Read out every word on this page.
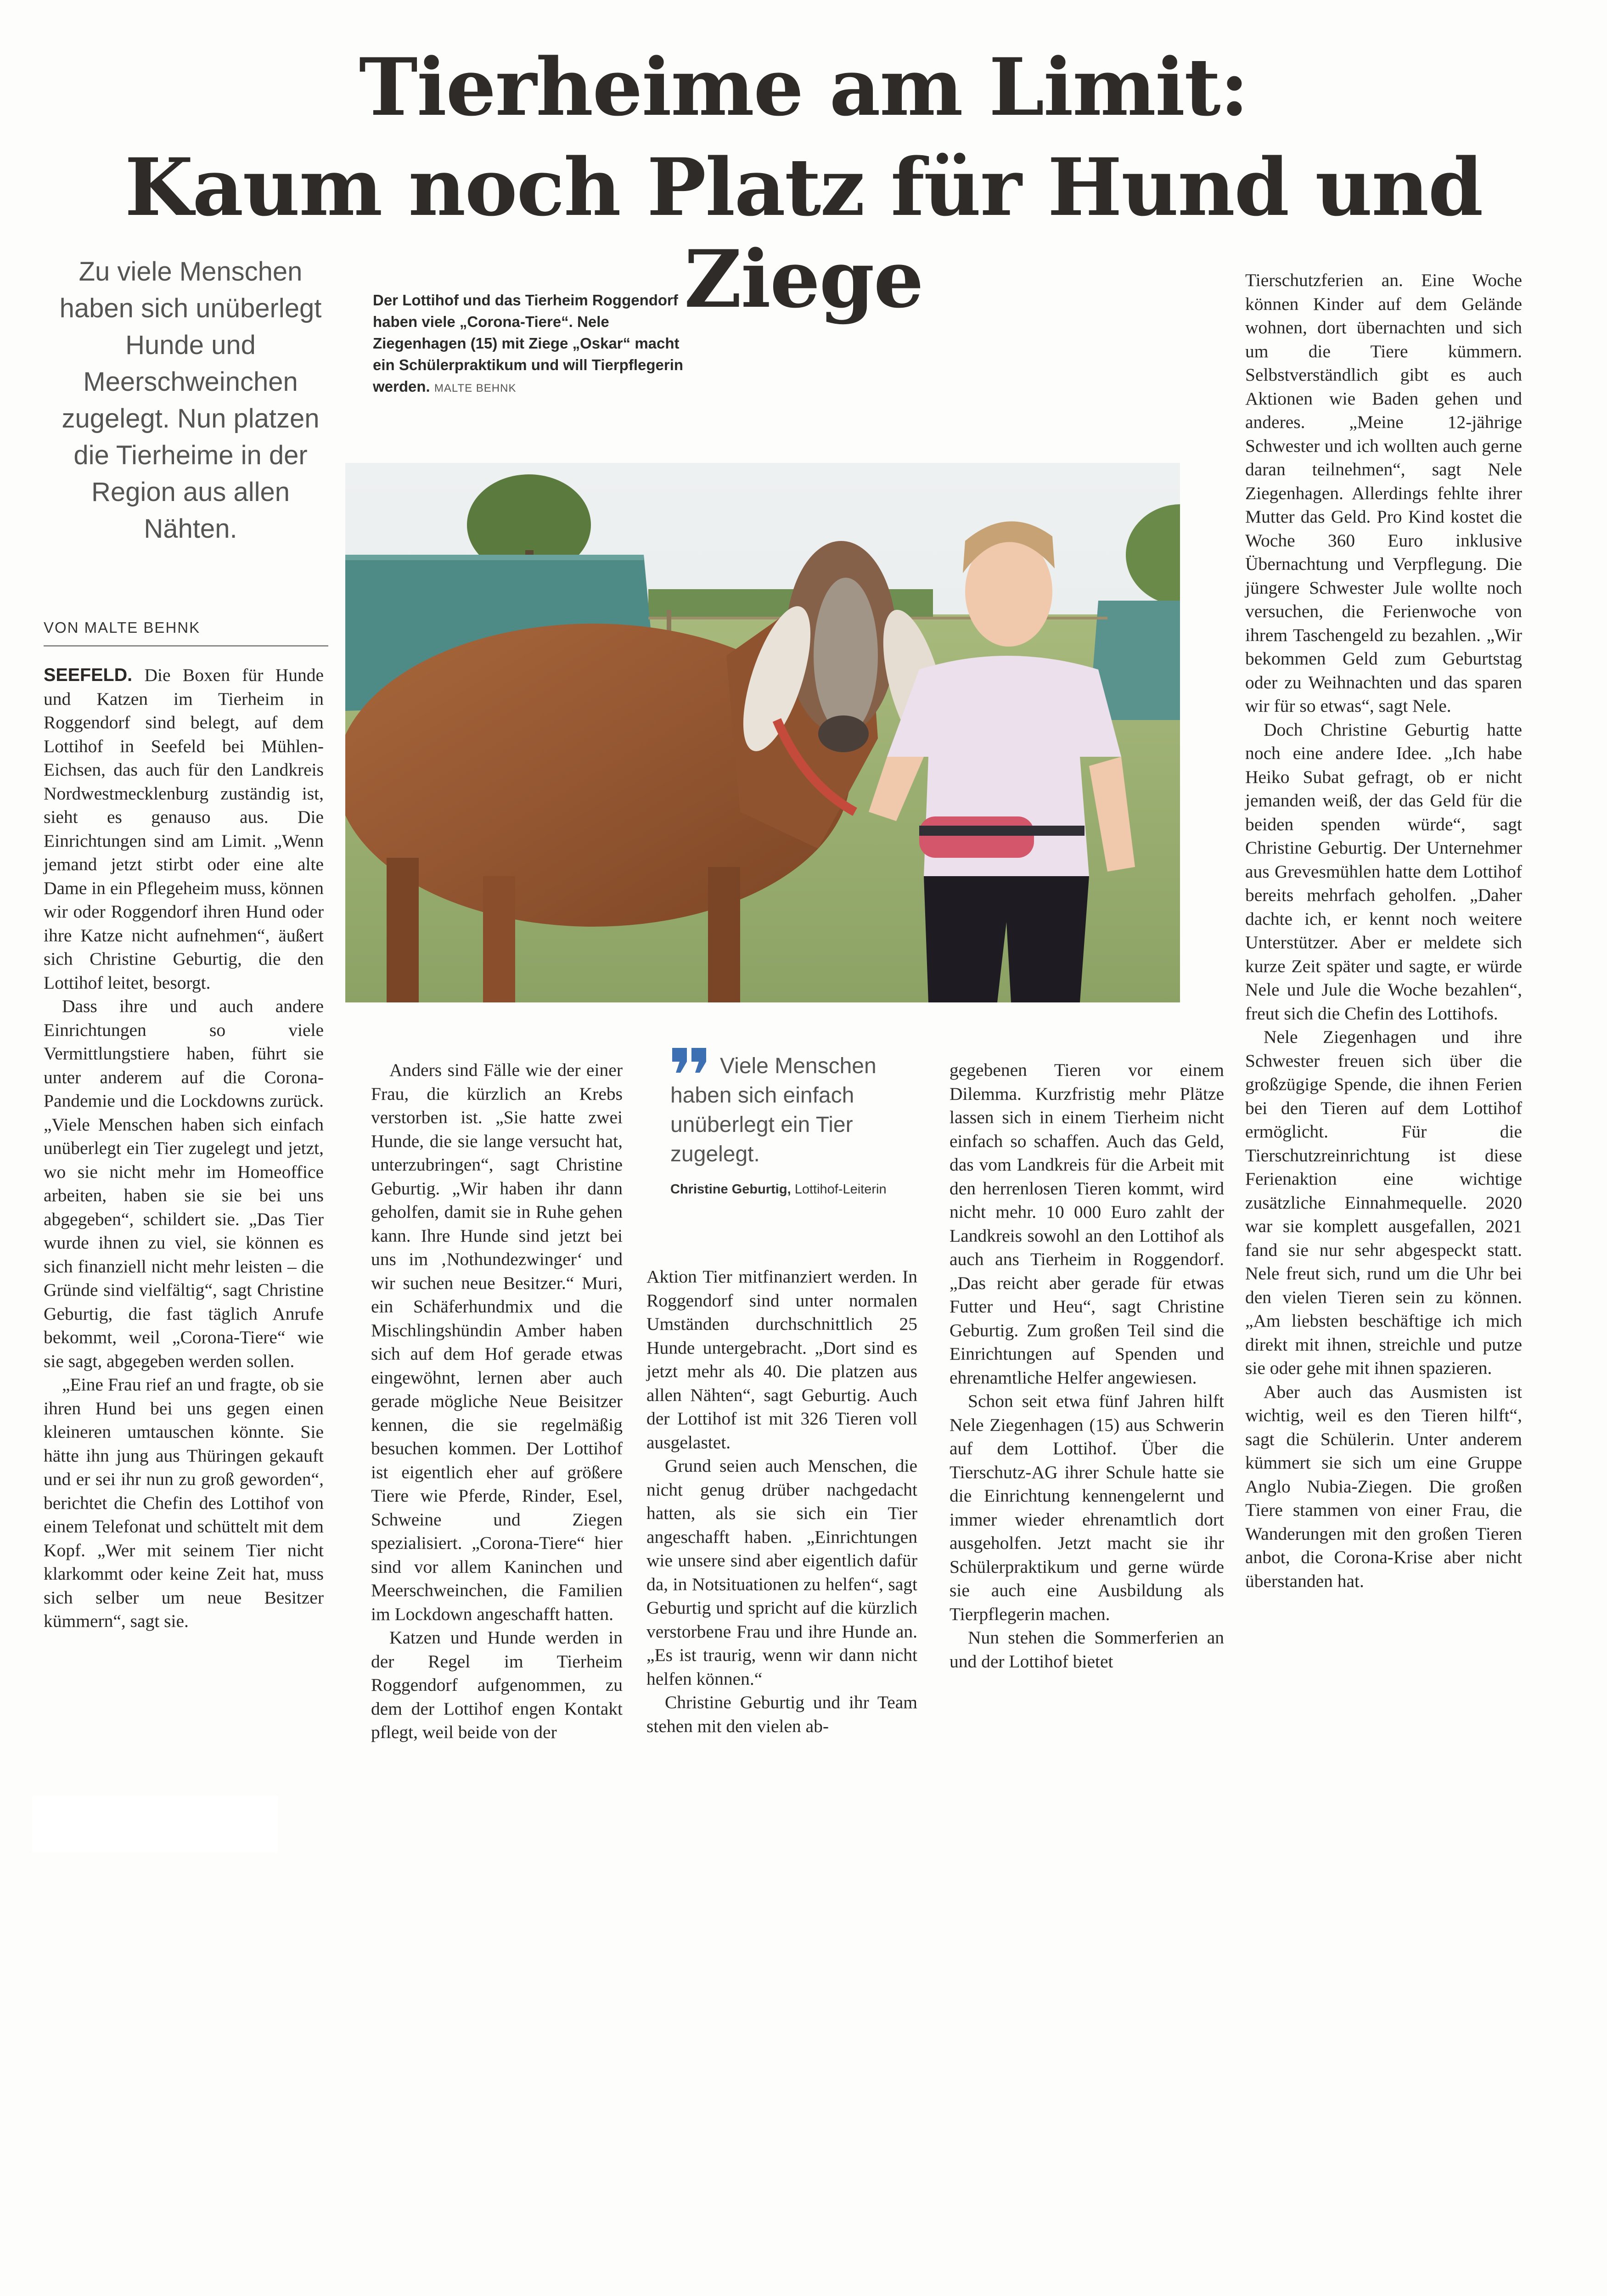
Tierheime am Limit:
Kaum noch Platz für Hund und Ziege
Zu viele Menschen haben sich unüberlegt Hunde und Meerschweinchen zugelegt. Nun platzen die Tierheime in der Region aus allen Nähten.
VON MALTE BEHNK
Der Lottihof und das Tierheim Roggendorf haben viele „Corona-Tiere“. Nele Ziegenhagen (15) mit Ziege „Oskar“ macht ein Schülerpraktikum und will Tierpflegerin werden. MALTE BEHNK

SEEFELD. Die Boxen für Hunde und Katzen im Tierheim in Roggendorf sind belegt, auf dem Lottihof in Seefeld bei Mühlen-Eichsen, das auch für den Landkreis Nordwestmecklenburg zuständig ist, sieht es genauso aus. Die Einrichtungen sind am Limit. „Wenn jemand jetzt stirbt oder eine alte Dame in ein Pflegeheim muss, können wir oder Roggendorf ihren Hund oder ihre Katze nicht aufnehmen“, äußert sich Christine Geburtig, die den Lottihof leitet, besorgt.

Dass ihre und auch andere Einrichtungen so viele Vermittlungstiere haben, führt sie unter anderem auf die Corona-Pandemie und die Lockdowns zurück. „Viele Menschen haben sich einfach unüberlegt ein Tier zugelegt und jetzt, wo sie nicht mehr im Homeoffice arbeiten, haben sie sie bei uns abgegeben“, schildert sie. „Das Tier wurde ihnen zu viel, sie können es sich finanziell nicht mehr leisten – die Gründe sind vielfältig“, sagt Christine Geburtig, die fast täglich Anrufe bekommt, weil „Corona-Tiere“ wie sie sagt, abgegeben werden sollen.

„Eine Frau rief an und fragte, ob sie ihren Hund bei uns gegen einen kleineren umtauschen könnte. Sie hätte ihn jung aus Thüringen gekauft und er sei ihr nun zu groß geworden“, berichtet die Chefin des Lottihof von einem Telefonat und schüttelt mit dem Kopf. „Wer mit seinem Tier nicht klarkommt oder keine Zeit hat, muss sich selber um neue Besitzer kümmern“, sagt sie.

Anders sind Fälle wie der einer Frau, die kürzlich an Krebs verstorben ist. „Sie hatte zwei Hunde, die sie lange versucht hat, unterzubringen“, sagt Christine Geburtig. „Wir haben ihr dann geholfen, damit sie in Ruhe gehen kann. Ihre Hunde sind jetzt bei uns im ‚Nothundezwinger‘ und wir suchen neue Besitzer.“ Muri, ein Schäferhundmix und die Mischlingshündin Amber haben sich auf dem Hof gerade etwas eingewöhnt, lernen aber auch gerade mögliche Neue Beisitzer kennen, die sie regelmäßig besuchen kommen. Der Lottihof ist eigentlich eher auf größere Tiere wie Pferde, Rinder, Esel, Schweine und Ziegen spezialisiert. „Corona-Tiere“ hier sind vor allem Kaninchen und Meerschweinchen, die Familien im Lockdown angeschafft hatten.

Katzen und Hunde werden in der Regel im Tierheim Roggendorf aufgenommen, zu dem der Lottihof engen Kontakt pflegt, weil beide von der

Viele Menschen haben sich einfach unüberlegt ein Tier zugelegt.

Christine Geburtig, Lottihof-Leiterin

Aktion Tier mitfinanziert werden. In Roggendorf sind unter normalen Umständen durchschnittlich 25 Hunde untergebracht. „Dort sind es jetzt mehr als 40. Die platzen aus allen Nähten“, sagt Geburtig. Auch der Lottihof ist mit 326 Tieren voll ausgelastet.

Grund seien auch Menschen, die nicht genug drüber nachgedacht hatten, als sie sich ein Tier angeschafft haben. „Einrichtungen wie unsere sind aber eigentlich dafür da, in Notsituationen zu helfen“, sagt Geburtig und spricht auf die kürzlich verstorbene Frau und ihre Hunde an. „Es ist traurig, wenn wir dann nicht helfen können.“

Christine Geburtig und ihr Team stehen mit den vielen ab-

gegebenen Tieren vor einem Dilemma. Kurzfristig mehr Plätze lassen sich in einem Tierheim nicht einfach so schaffen. Auch das Geld, das vom Landkreis für die Arbeit mit den herrenlosen Tieren kommt, wird nicht mehr. 10 000 Euro zahlt der Landkreis sowohl an den Lottihof als auch ans Tierheim in Roggendorf. „Das reicht aber gerade für etwas Futter und Heu“, sagt Christine Geburtig. Zum großen Teil sind die Einrichtungen auf Spenden und ehrenamtliche Helfer angewiesen.

Schon seit etwa fünf Jahren hilft Nele Ziegenhagen (15) aus Schwerin auf dem Lottihof. Über die Tierschutz-AG ihrer Schule hatte sie die Einrichtung kennengelernt und immer wieder ehrenamtlich dort ausgeholfen. Jetzt macht sie ihr Schülerpraktikum und gerne würde sie auch eine Ausbildung als Tierpflegerin machen.

Nun stehen die Sommerferien an und der Lottihof bietet

Tierschutzferien an. Eine Woche können Kinder auf dem Gelände wohnen, dort übernachten und sich um die Tiere kümmern. Selbstverständlich gibt es auch Aktionen wie Baden gehen und anderes. „Meine 12-jährige Schwester und ich wollten auch gerne daran teilnehmen“, sagt Nele Ziegenhagen. Allerdings fehlte ihrer Mutter das Geld. Pro Kind kostet die Woche 360 Euro inklusive Übernachtung und Verpflegung. Die jüngere Schwester Jule wollte noch versuchen, die Ferienwoche von ihrem Taschengeld zu bezahlen. „Wir bekommen Geld zum Geburtstag oder zu Weihnachten und das sparen wir für so etwas“, sagt Nele.

Doch Christine Geburtig hatte noch eine andere Idee. „Ich habe Heiko Subat gefragt, ob er nicht jemanden weiß, der das Geld für die beiden spenden würde“, sagt Christine Geburtig. Der Unternehmer aus Grevesmühlen hatte dem Lottihof bereits mehrfach geholfen. „Daher dachte ich, er kennt noch weitere Unterstützer. Aber er meldete sich kurze Zeit später und sagte, er würde Nele und Jule die Woche bezahlen“, freut sich die Chefin des Lottihofs.

Nele Ziegenhagen und ihre Schwester freuen sich über die großzügige Spende, die ihnen Ferien bei den Tieren auf dem Lottihof ermöglicht. Für die Tierschutzreinrichtung ist diese Ferienaktion eine wichtige zusätzliche Einnahmequelle. 2020 war sie komplett ausgefallen, 2021 fand sie nur sehr abgespeckt statt. Nele freut sich, rund um die Uhr bei den vielen Tieren sein zu können. „Am liebsten beschäftige ich mich direkt mit ihnen, streichle und putze sie oder gehe mit ihnen spazieren.

Aber auch das Ausmisten ist wichtig, weil es den Tieren hilft“, sagt die Schülerin. Unter anderem kümmert sie sich um eine Gruppe Anglo Nubia-Ziegen. Die großen Tiere stammen von einer Frau, die Wanderungen mit den großen Tieren anbot, die Corona-Krise aber nicht überstanden hat.
